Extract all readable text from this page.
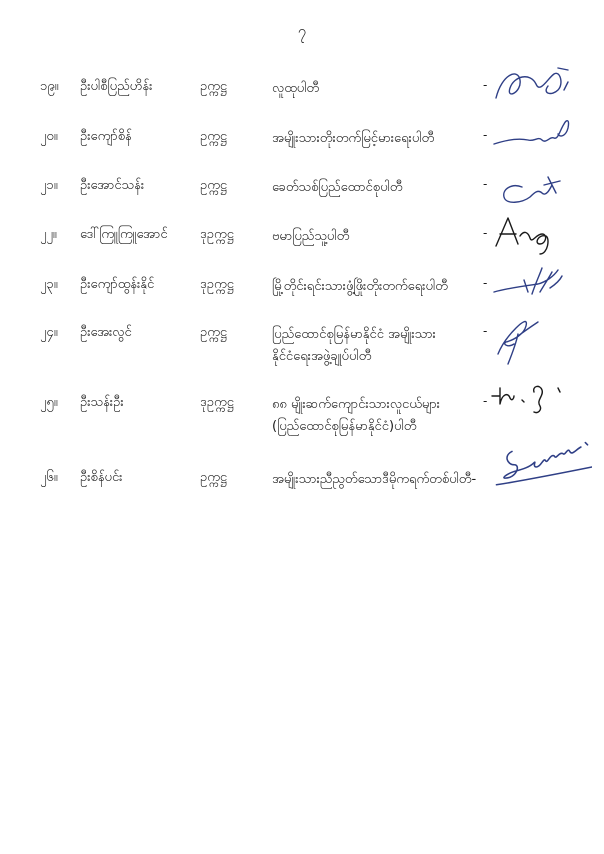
၇
၁၉။ ဦးပါစီပြည်ဟိန်း	ဥက္ကဋ္ဌ	လူထုပါတီ	-
၂၀။ ဦးကျော်စိန်	ဥက္ကဋ္ဌ	အမျိုးသားတိုးတက်မြင့်မားရေးပါတီ	-
၂၁။ ဦးအောင်သန်း	ဥက္ကဋ္ဌ	ခေတ်သစ်ပြည်ထောင်စုပါတီ	-
၂၂။ ဒေါ်ကြူကြူအောင် ဒုဥက္ကဋ္ဌ	ဗမာပြည်သူ့ပါတီ	-
၂၃။ ဦးကျော်ထွန်းနိုင်	ဒုဥက္ကဋ္ဌ	မြို့တိုင်းရင်းသားဖွံ့ဖြိုးတိုးတက်ရေးပါတီ	-
၂၄။ ဦးအေးလွင်	ဥက္ကဋ္ဌ	ပြည်ထောင်စုမြန်မာနိုင်ငံ အမျိုးသား
နိုင်ငံရေးအဖွဲ့ချုပ်ပါတီ
-
၂၅။ ဦးသန်းဦး	ဒုဥက္ကဋ္ဌ	၈၈ မျိုးဆက်ကျောင်းသားလူငယ်များ
(ပြည်ထောင်စုမြန်မာနိုင်ငံ)ပါတီ
-
၂၆။ ဦးစိန်ပင်း	ဥက္ကဋ္ဌ	အမျိုးသားညီညွတ်သောဒီမိုကရက်တစ်ပါတီ-
